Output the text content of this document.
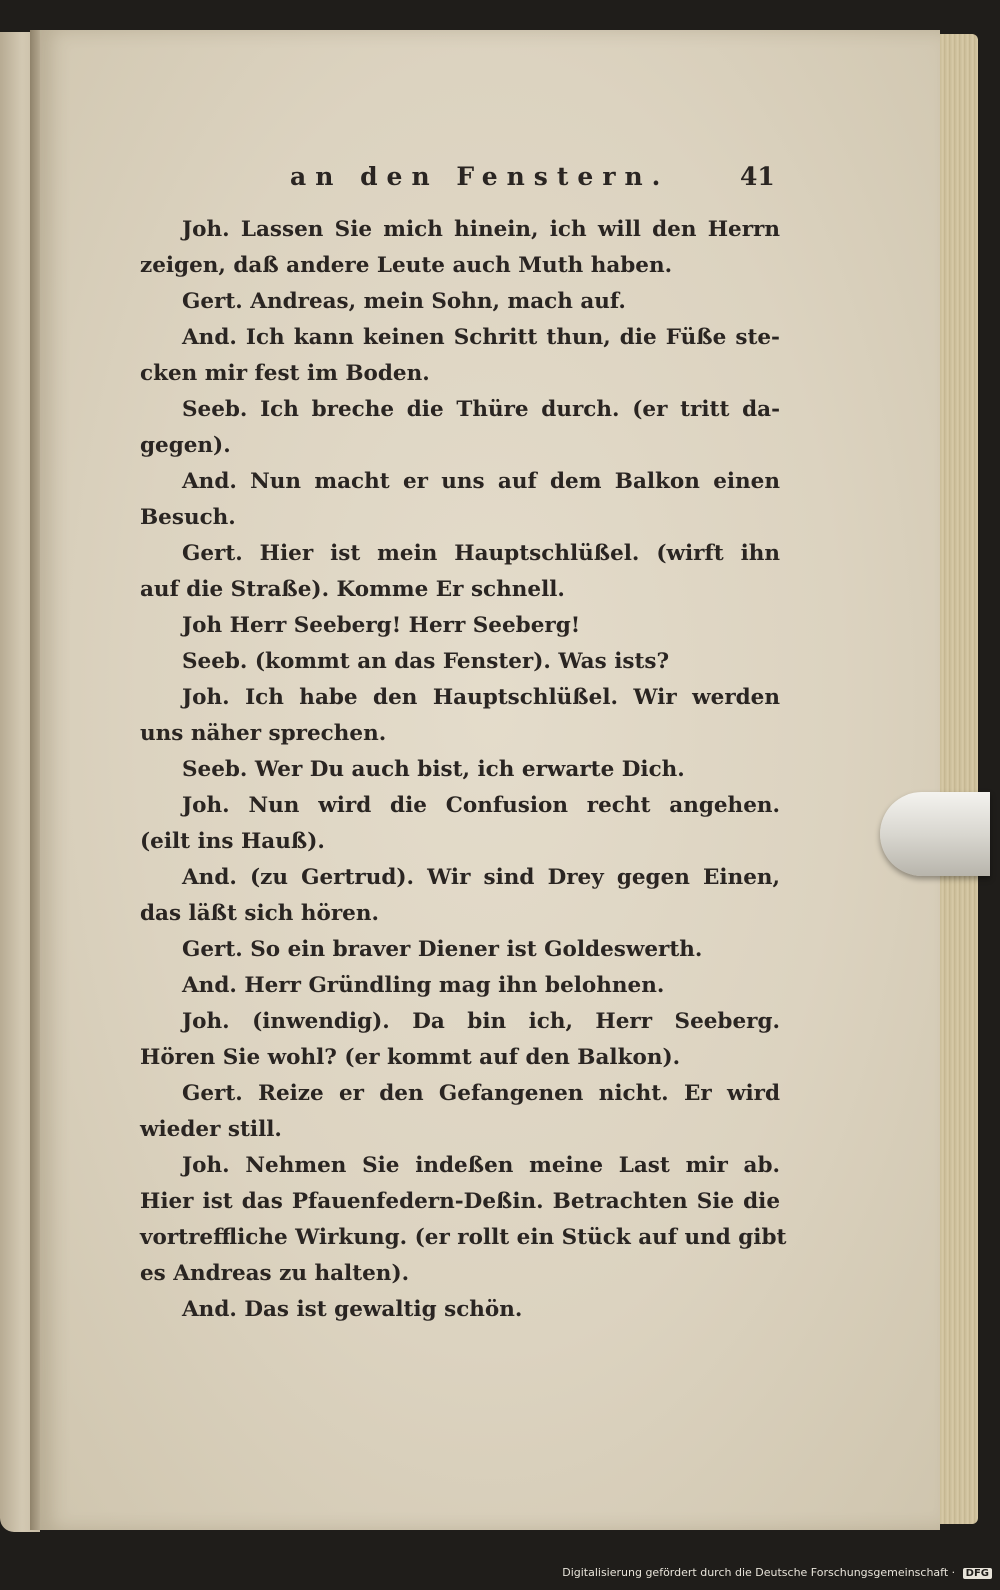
an den Fenstern.	41
Joh. Lassen Sie mich hinein, ich will den Herrn
zeigen, daß andere Leute auch Muth haben.
Gert. Andreas, mein Sohn, mach auf.
And. Ich kann keinen Schritt thun, die Füße ste-
cken mir fest im Boden.
Seeb. Ich breche die Thüre durch. (er tritt da-
gegen).
And. Nun macht er uns auf dem Balkon einen
Besuch.
Gert. Hier ist mein Hauptschlüßel. (wirft ihn
auf die Straße). Komme Er schnell.
Joh Herr Seeberg! Herr Seeberg!
Seeb. (kommt an das Fenster). Was ists?
Joh. Ich habe den Hauptschlüßel. Wir werden
uns näher sprechen.
Seeb. Wer Du auch bist, ich erwarte Dich.
Joh. Nun wird die Confusion recht angehen.
(eilt ins Hauß).
And. (zu Gertrud). Wir sind Drey gegen Einen,
das läßt sich hören.
Gert. So ein braver Diener ist Goldeswerth.
And. Herr Gründling mag ihn belohnen.
Joh. (inwendig). Da bin ich, Herr Seeberg.
Hören Sie wohl? (er kommt auf den Balkon).
Gert. Reize er den Gefangenen nicht. Er wird
wieder still.
Joh. Nehmen Sie indeßen meine Last mir ab.
Hier ist das Pfauenfedern-Deßin. Betrachten Sie die
vortreffliche Wirkung. (er rollt ein Stück auf und gibt
es Andreas zu halten).
And. Das ist gewaltig schön.
Digitalisierung gefördert durch die Deutsche Forschungsgemeinschaft · DFG
